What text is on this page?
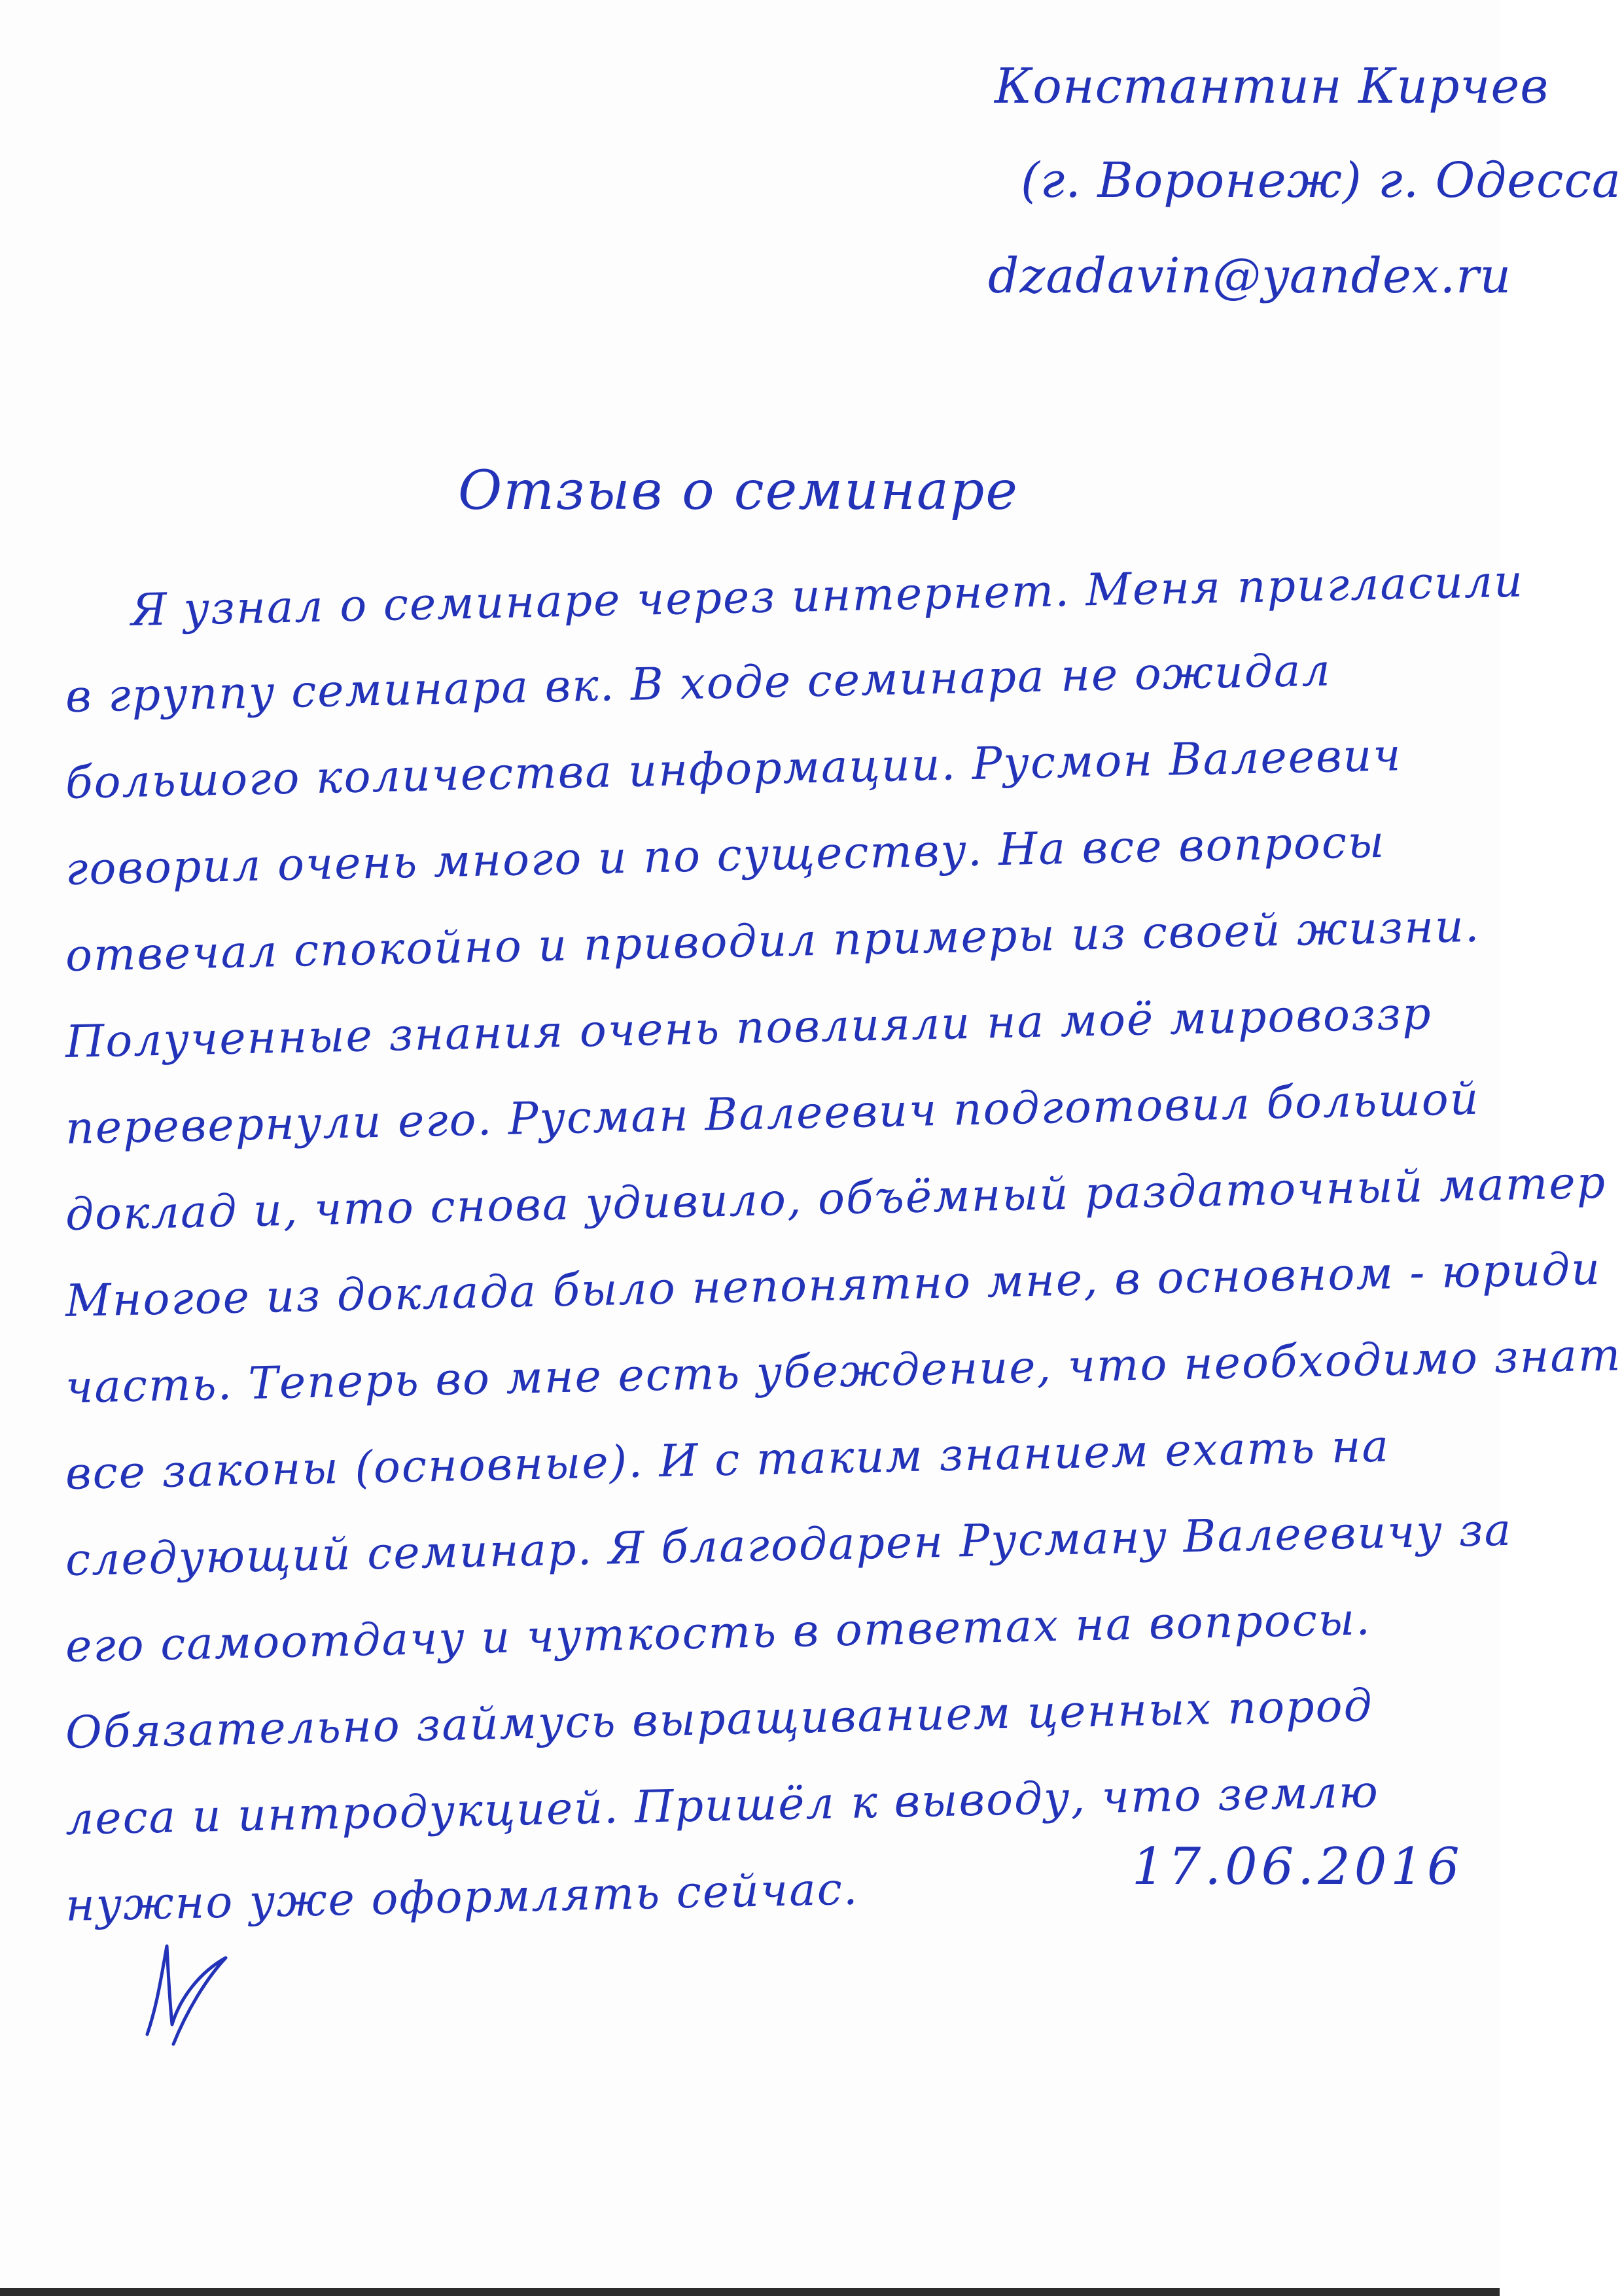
Константин Кирчев
(г. Воронеж) г. Одесса
dzadavin@yandex.ru
Отзыв о семинаре
Я узнал о семинаре через интернет. Меня пригласили
в группу семинара вк. В ходе семинара не ожидал
большого количества информации. Русмон Валеевич
говорил очень много и по существу. На все вопросы
отвечал спокойно и приводил примеры из своей жизни.
Полученные знания очень повлияли на моё мировоззр
перевернули его. Русман Валеевич подготовил большой
доклад и, что снова удивило, объёмный раздаточный матер
Многое из доклада было непонятно мне, в основном - юриди
часть. Теперь во мне есть убеждение, что необходимо знат
все законы (основные). И с таким знанием ехать на
следующий семинар. Я благодарен Русману Валеевичу за
его самоотдачу и чуткость в ответах на вопросы.
Обязательно займусь выращиванием ценных пород
леса и интродукцией. Пришёл к выводу, что землю
нужно уже оформлять сейчас.	17.06.2016
